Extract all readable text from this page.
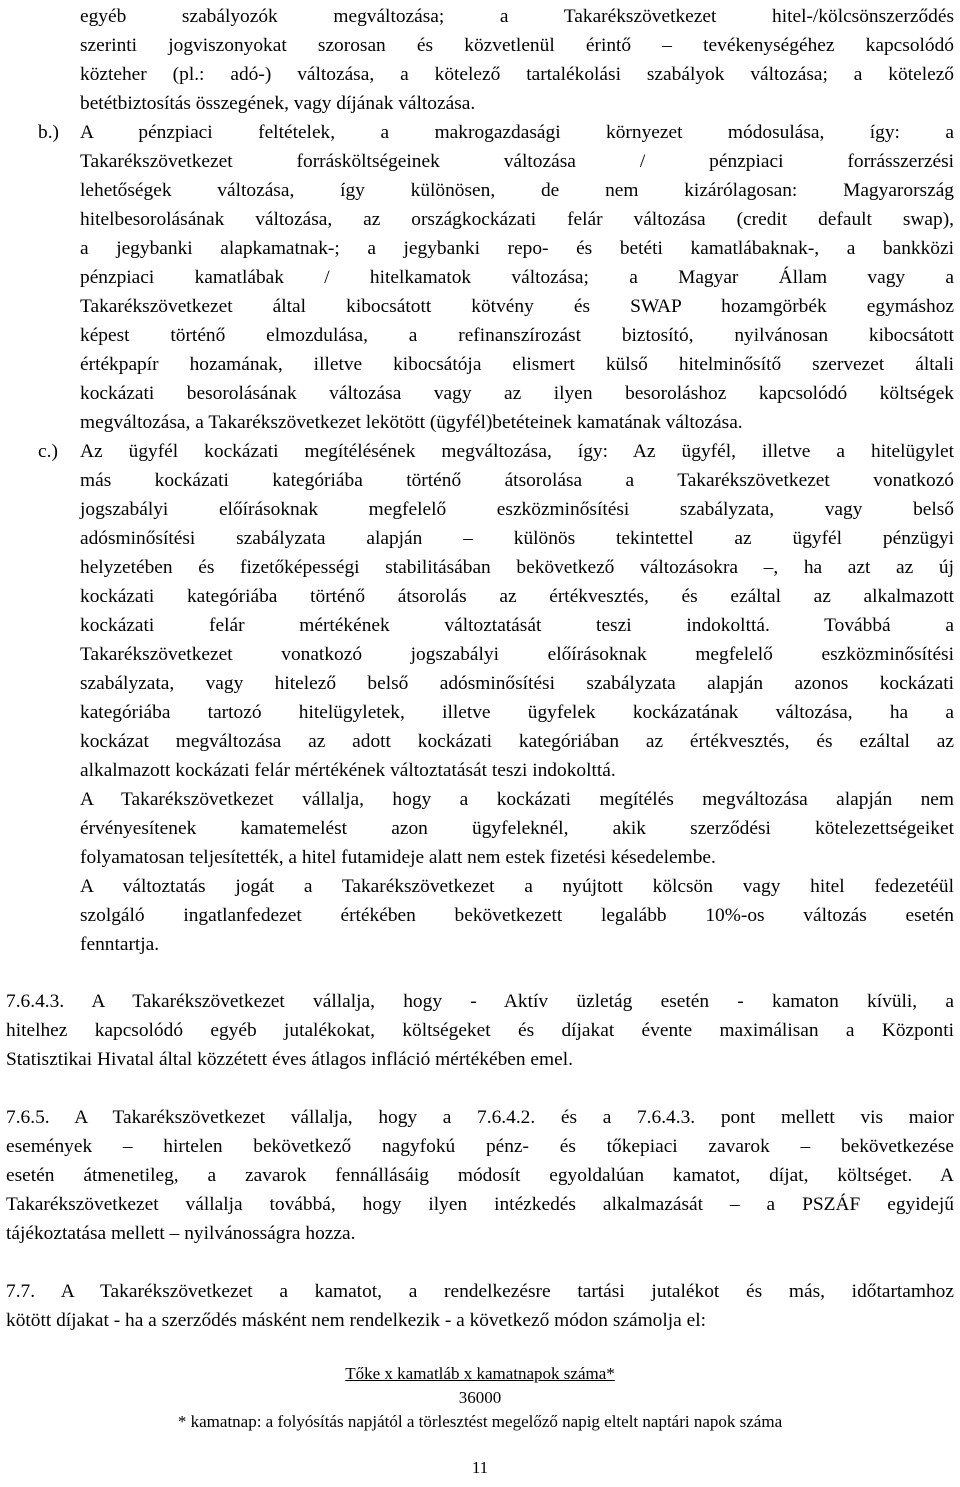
egyéb szabályozók megváltozása; a Takarékszövetkezet hitel-/kölcsönszerződés
szerinti jogviszonyokat szorosan és közvetlenül érintő – tevékenységéhez kapcsolódó
közteher (pl.: adó-) változása, a kötelező tartalékolási szabályok változása; a kötelező
betétbiztosítás összegének, vagy díjának változása.
b.) A pénzpiaci feltételek, a makrogazdasági környezet módosulása, így: a
Takarékszövetkezet forrásköltségeinek változása / pénzpiaci forrásszerzési
lehetőségek változása, így különösen, de nem kizárólagosan: Magyarország
hitelbesorolásának változása, az országkockázati felár változása (credit default swap),
a jegybanki alapkamatnak-; a jegybanki repo- és betéti kamatlábaknak-, a bankközi
pénzpiaci kamatlábak / hitelkamatok változása; a Magyar Állam vagy a
Takarékszövetkezet által kibocsátott kötvény és SWAP hozamgörbék egymáshoz
képest történő elmozdulása, a refinanszírozást biztosító, nyilvánosan kibocsátott
értékpapír hozamának, illetve kibocsátója elismert külső hitelminősítő szervezet általi
kockázati besorolásának változása vagy az ilyen besoroláshoz kapcsolódó költségek
megváltozása, a Takarékszövetkezet lekötött (ügyfél)betéteinek kamatának változása.
c.) Az ügyfél kockázati megítélésének megváltozása, így: Az ügyfél, illetve a hitelügylet
más kockázati kategóriába történő átsorolása a Takarékszövetkezet vonatkozó
jogszabályi előírásoknak megfelelő eszközminősítési szabályzata, vagy belső
adósminősítési szabályzata alapján – különös tekintettel az ügyfél pénzügyi
helyzetében és fizetőképességi stabilitásában bekövetkező változásokra –, ha azt az új
kockázati kategóriába történő átsorolás az értékvesztés, és ezáltal az alkalmazott
kockázati felár mértékének változtatását teszi indokolttá. Továbbá a
Takarékszövetkezet vonatkozó jogszabályi előírásoknak megfelelő eszközminősítési
szabályzata, vagy hitelező belső adósminősítési szabályzata alapján azonos kockázati
kategóriába tartozó hitelügyletek, illetve ügyfelek kockázatának változása, ha a
kockázat megváltozása az adott kockázati kategóriában az értékvesztés, és ezáltal az
alkalmazott kockázati felár mértékének változtatását teszi indokolttá.
A Takarékszövetkezet vállalja, hogy a kockázati megítélés megváltozása alapján nem
érvényesítenek kamatemelést azon ügyfeleknél, akik szerződési kötelezettségeiket
folyamatosan teljesítették, a hitel futamideje alatt nem estek fizetési késedelembe.
A változtatás jogát a Takarékszövetkezet a nyújtott kölcsön vagy hitel fedezetéül
szolgáló ingatlanfedezet értékében bekövetkezett legalább 10%-os változás esetén
fenntartja.
7.6.4.3. A Takarékszövetkezet vállalja, hogy - Aktív üzletág esetén - kamaton kívüli, a
hitelhez kapcsolódó egyéb jutalékokat, költségeket és díjakat évente maximálisan a Központi
Statisztikai Hivatal által közzétett éves átlagos infláció mértékében emel.
7.6.5. A Takarékszövetkezet vállalja, hogy a 7.6.4.2. és a 7.6.4.3. pont mellett vis maior
események – hirtelen bekövetkező nagyfokú pénz- és tőkepiaci zavarok – bekövetkezése
esetén átmenetileg, a zavarok fennállásáig módosít egyoldalúan kamatot, díjat, költséget. A
Takarékszövetkezet vállalja továbbá, hogy ilyen intézkedés alkalmazását – a PSZÁF egyidejű
tájékoztatása mellett – nyilvánosságra hozza.
7.7. A Takarékszövetkezet a kamatot, a rendelkezésre tartási jutalékot és más, időtartamhoz
kötött díjakat - ha a szerződés másként nem rendelkezik - a következő módon számolja el:
Tőke x kamatláb x kamatnapok száma*
36000
* kamatnap: a folyósítás napjától a törlesztést megelőző napig eltelt naptári napok száma
11
